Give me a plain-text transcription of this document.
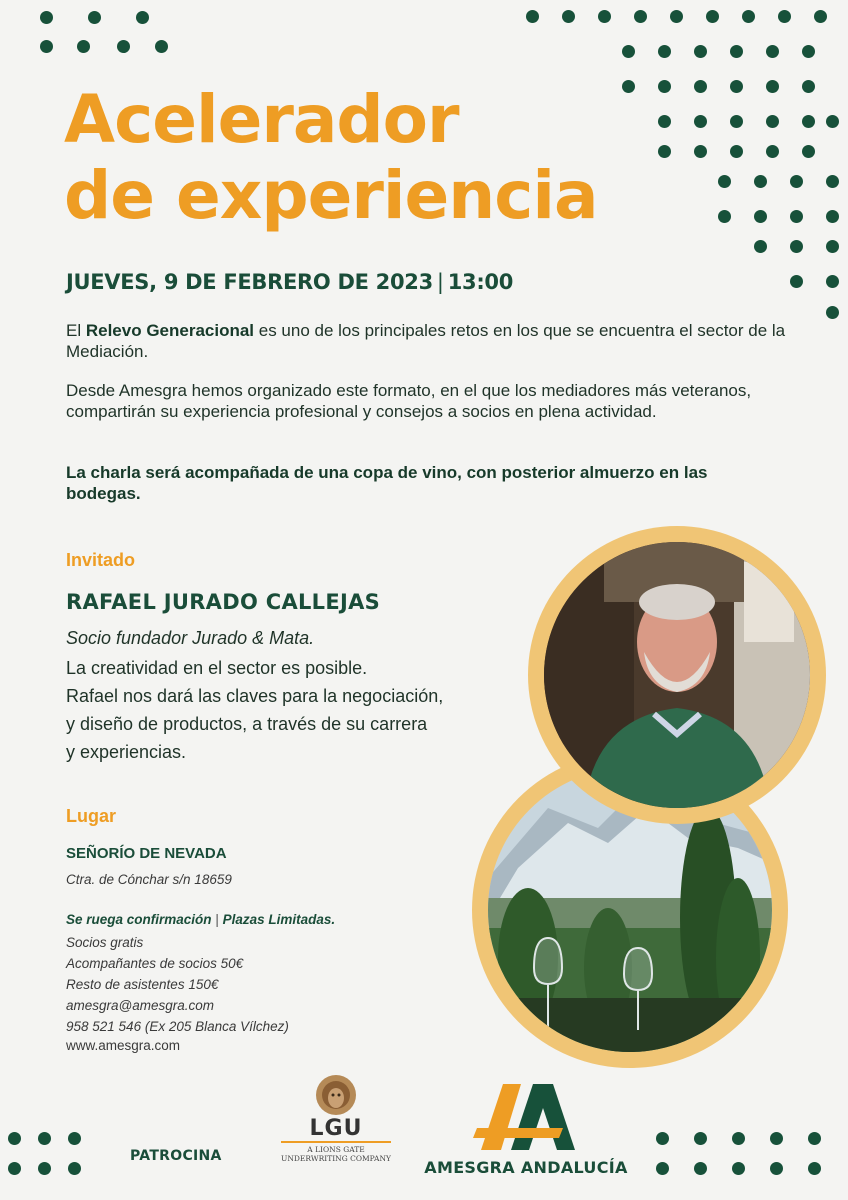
Acelerador
de experiencia
JUEVES, 9 DE FEBRERO DE 2023 | 13:00

El Relevo Generacional es uno de los principales retos en los que se encuentra el sector de la Mediación.

Desde Amesgra hemos organizado este formato, en el que los mediadores más veteranos, compartirán su experiencia profesional y consejos a socios en plena actividad.

La charla será acompañada de una copa de vino, con posterior almuerzo en las bodegas.

Invitado
RAFAEL JURADO CALLEJAS
Socio fundador Jurado & Mata.
La creatividad en el sector es posible.
Rafael nos dará las claves para la negociación,
y diseño de productos, a través de su carrera
y experiencias.
Lugar
SEÑORÍO DE NEVADA
Ctra. de Cónchar s/n 18659
Se ruega confirmación | Plazas Limitadas.
Socios gratis
Acompañantes de socios 50€
Resto de asistentes 150€
amesgra@amesgra.com
958 521 546 (Ex 205 Blanca Vílchez)
www.amesgra.com
PATROCINA
LGU
A LIONS GATE
UNDERWRITING COMPANY	AMESGRA ANDALUCÍA
